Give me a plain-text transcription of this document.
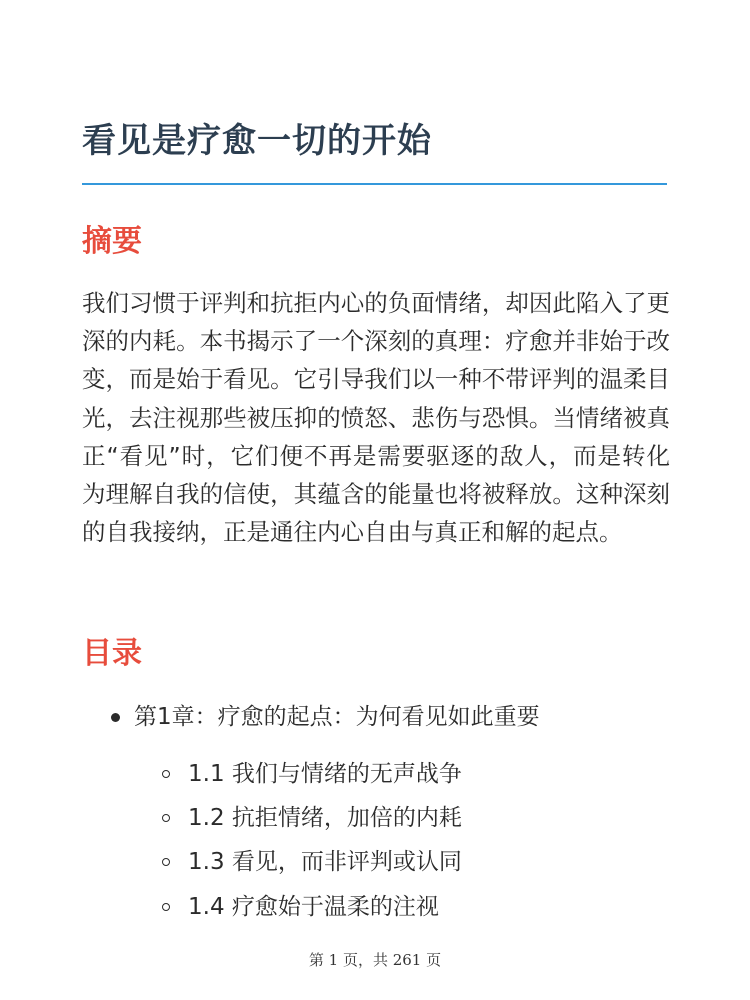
看见是疗愈一切的开始
摘要

我们习惯于评判和抗拒内心的负面情绪，却因此陷入了更深的内耗。本书揭示了一个深刻的真理：疗愈并非始于改变，而是始于看见。它引导我们以一种不带评判的温柔目光，去注视那些被压抑的愤怒、悲伤与恐惧。当情绪被真正“看见”时，它们便不再是需要驱逐的敌人，而是转化为理解自我的信使，其蕴含的能量也将被释放。这种深刻的自我接纳，正是通往内心自由与真正和解的起点。

目录
第1章：疗愈的起点：为何看见如此重要
1.1 我们与情绪的无声战争
1.2 抗拒情绪，加倍的内耗
1.3 看见，而非评判或认同
1.4 疗愈始于温柔的注视
第 1 页，共 261 页
